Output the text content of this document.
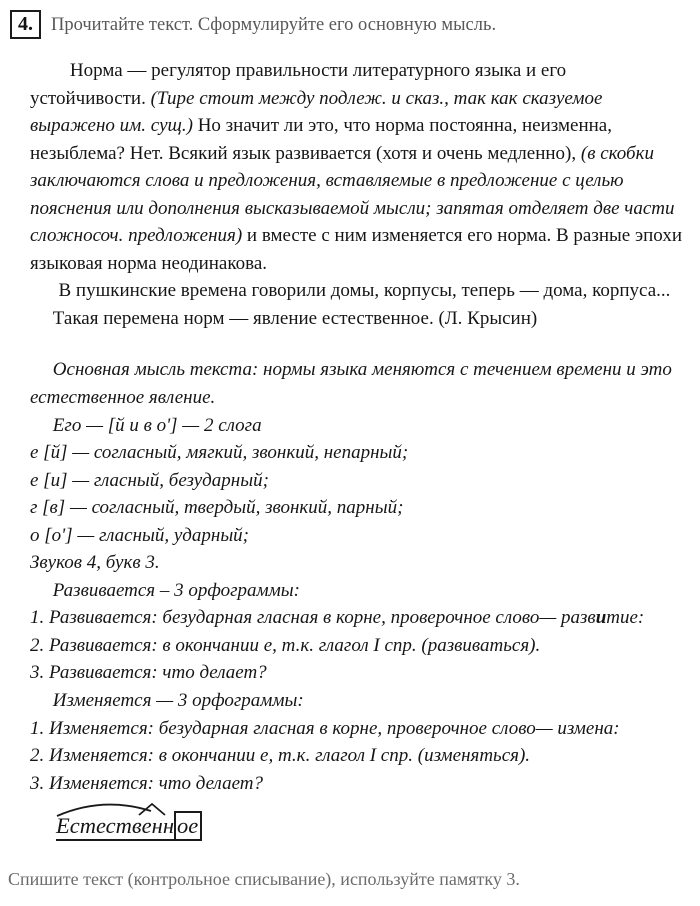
4. Прочитайте текст. Сформулируйте его основную мысль.

Норма — регулятор правильности литературного языка и его устойчивости. (Тире стоит между подлеж. и сказ., так как сказуемое выражено им. сущ.) Но значит ли это, что норма постоянна, неизменна, незыблема? Нет. Всякий язык развивается (хотя и очень медленно), (в скобки заключаются слова и предложения, вставляемые в предложение с целью пояснения или дополнения высказываемой мысли; запятая отделяет две части сложносоч. предложения) и вместе с ним изменяется его норма. В разные эпохи языковая норма неодинакова.

В пушкинские времена говорили домы, корпусы, теперь — дома, корпуса...

Такая перемена норм — явление естественное. (Л. Крысин)

Основная мысль текста: нормы языка меняются с течением времени и это естественное явление.

Его — [й и в о'] — 2 слога

е [й] — согласный, мягкий, звонкий, непарный;

е [и] — гласный, безударный;

г [в] — согласный, твердый, звонкий, парный;

о [о'] — гласный, ударный;

Звуков 4, букв 3.

Развивается – 3 орфограммы:

1. Развивается: безударная гласная в корне, проверочное слово— развитие:

2. Развивается: в окончании е, т.к. глагол I спр. (развиваться).

3. Развивается: что делает?

Изменяется — 3 орфограммы:

1. Изменяется: безударная гласная в корне, проверочное слово— измена:

2. Изменяется: в окончании е, т.к. глагол I спр. (изменяться).

3. Изменяется: что делает?

Естественн ое
Спишите текст (контрольное списывание), используйте памятку 3.
